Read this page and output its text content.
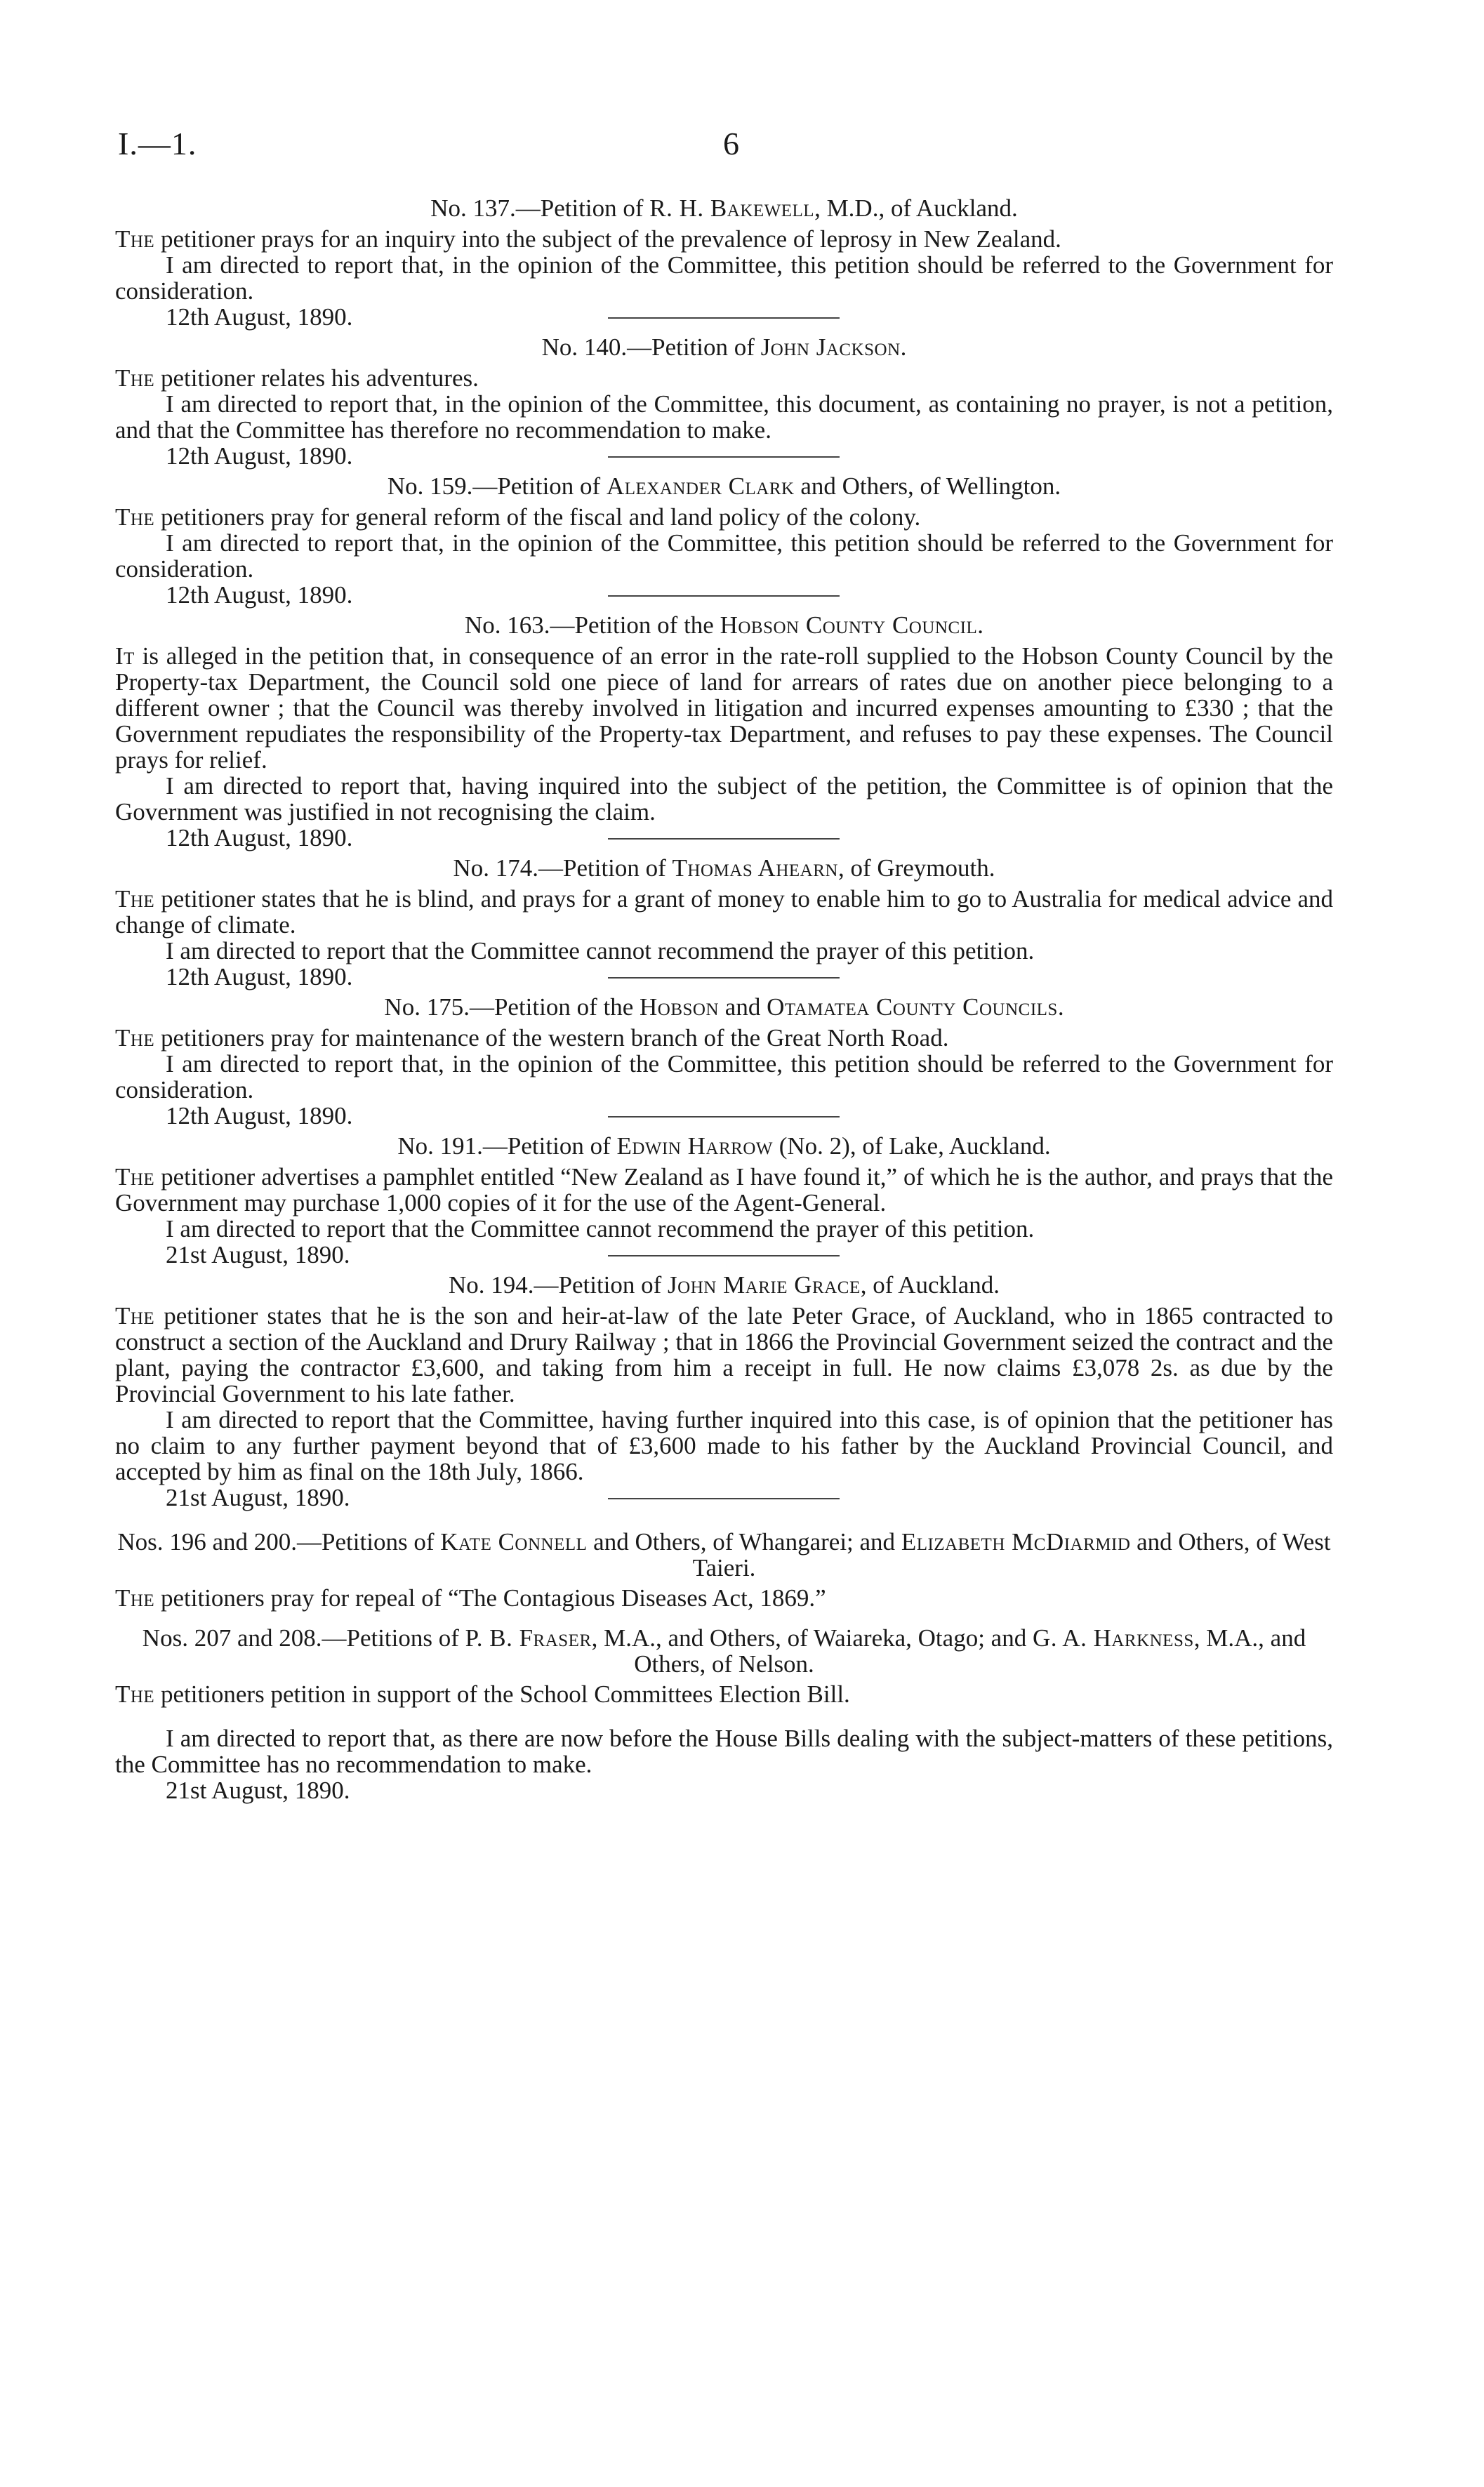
I.—1.	6

No. 137.—Petition of R. H. Bakewell, M.D., of Auckland.

The petitioner prays for an inquiry into the subject of the prevalence of leprosy in New Zealand.

I am directed to report that, in the opinion of the Committee, this petition should be referred to the Government for consideration.

12th August, 1890.

No. 140.—Petition of John Jackson.

The petitioner relates his adventures.

I am directed to report that, in the opinion of the Committee, this document, as containing no prayer, is not a petition, and that the Committee has therefore no recommendation to make.

12th August, 1890.

No. 159.—Petition of Alexander Clark and Others, of Wellington.

The petitioners pray for general reform of the fiscal and land policy of the colony.

I am directed to report that, in the opinion of the Committee, this petition should be referred to the Government for consideration.

12th August, 1890.

No. 163.—Petition of the Hobson County Council.

It is alleged in the petition that, in consequence of an error in the rate-roll supplied to the Hobson County Council by the Property-tax Department, the Council sold one piece of land for arrears of rates due on another piece belonging to a different owner ; that the Council was thereby involved in litigation and incurred expenses amounting to £330 ; that the Government repudiates the responsibility of the Property-tax Department, and refuses to pay these expenses. The Council prays for relief.

I am directed to report that, having inquired into the subject of the petition, the Committee is of opinion that the Government was justified in not recognising the claim.

12th August, 1890.

No. 174.—Petition of Thomas Ahearn, of Greymouth.

The petitioner states that he is blind, and prays for a grant of money to enable him to go to Australia for medical advice and change of climate.

I am directed to report that the Committee cannot recommend the prayer of this petition.

12th August, 1890.

No. 175.—Petition of the Hobson and Otamatea County Councils.

The petitioners pray for maintenance of the western branch of the Great North Road.

I am directed to report that, in the opinion of the Committee, this petition should be referred to the Government for consideration.

12th August, 1890.

No. 191.—Petition of Edwin Harrow (No. 2), of Lake, Auckland.

The petitioner advertises a pamphlet entitled “New Zealand as I have found it,” of which he is the author, and prays that the Government may purchase 1,000 copies of it for the use of the Agent-General.

I am directed to report that the Committee cannot recommend the prayer of this petition.

21st August, 1890.

No. 194.—Petition of John Marie Grace, of Auckland.

The petitioner states that he is the son and heir-at-law of the late Peter Grace, of Auckland, who in 1865 contracted to construct a section of the Auckland and Drury Railway ; that in 1866 the Provincial Government seized the contract and the plant, paying the contractor £3,600, and taking from him a receipt in full. He now claims £3,078 2s. as due by the Provincial Government to his late father.

I am directed to report that the Committee, having further inquired into this case, is of opinion that the petitioner has no claim to any further payment beyond that of £3,600 made to his father by the Auckland Provincial Council, and accepted by him as final on the 18th July, 1866.

21st August, 1890.

Nos. 196 and 200.—Petitions of Kate Connell and Others, of Whangarei; and Elizabeth McDiarmid and Others, of West Taieri.

The petitioners pray for repeal of “The Contagious Diseases Act, 1869.”

Nos. 207 and 208.—Petitions of P. B. Fraser, M.A., and Others, of Waiareka, Otago; and G. A. Harkness, M.A., and Others, of Nelson.

The petitioners petition in support of the School Committees Election Bill.

I am directed to report that, as there are now before the House Bills dealing with the subject-matters of these petitions, the Committee has no recommendation to make.

21st August, 1890.
